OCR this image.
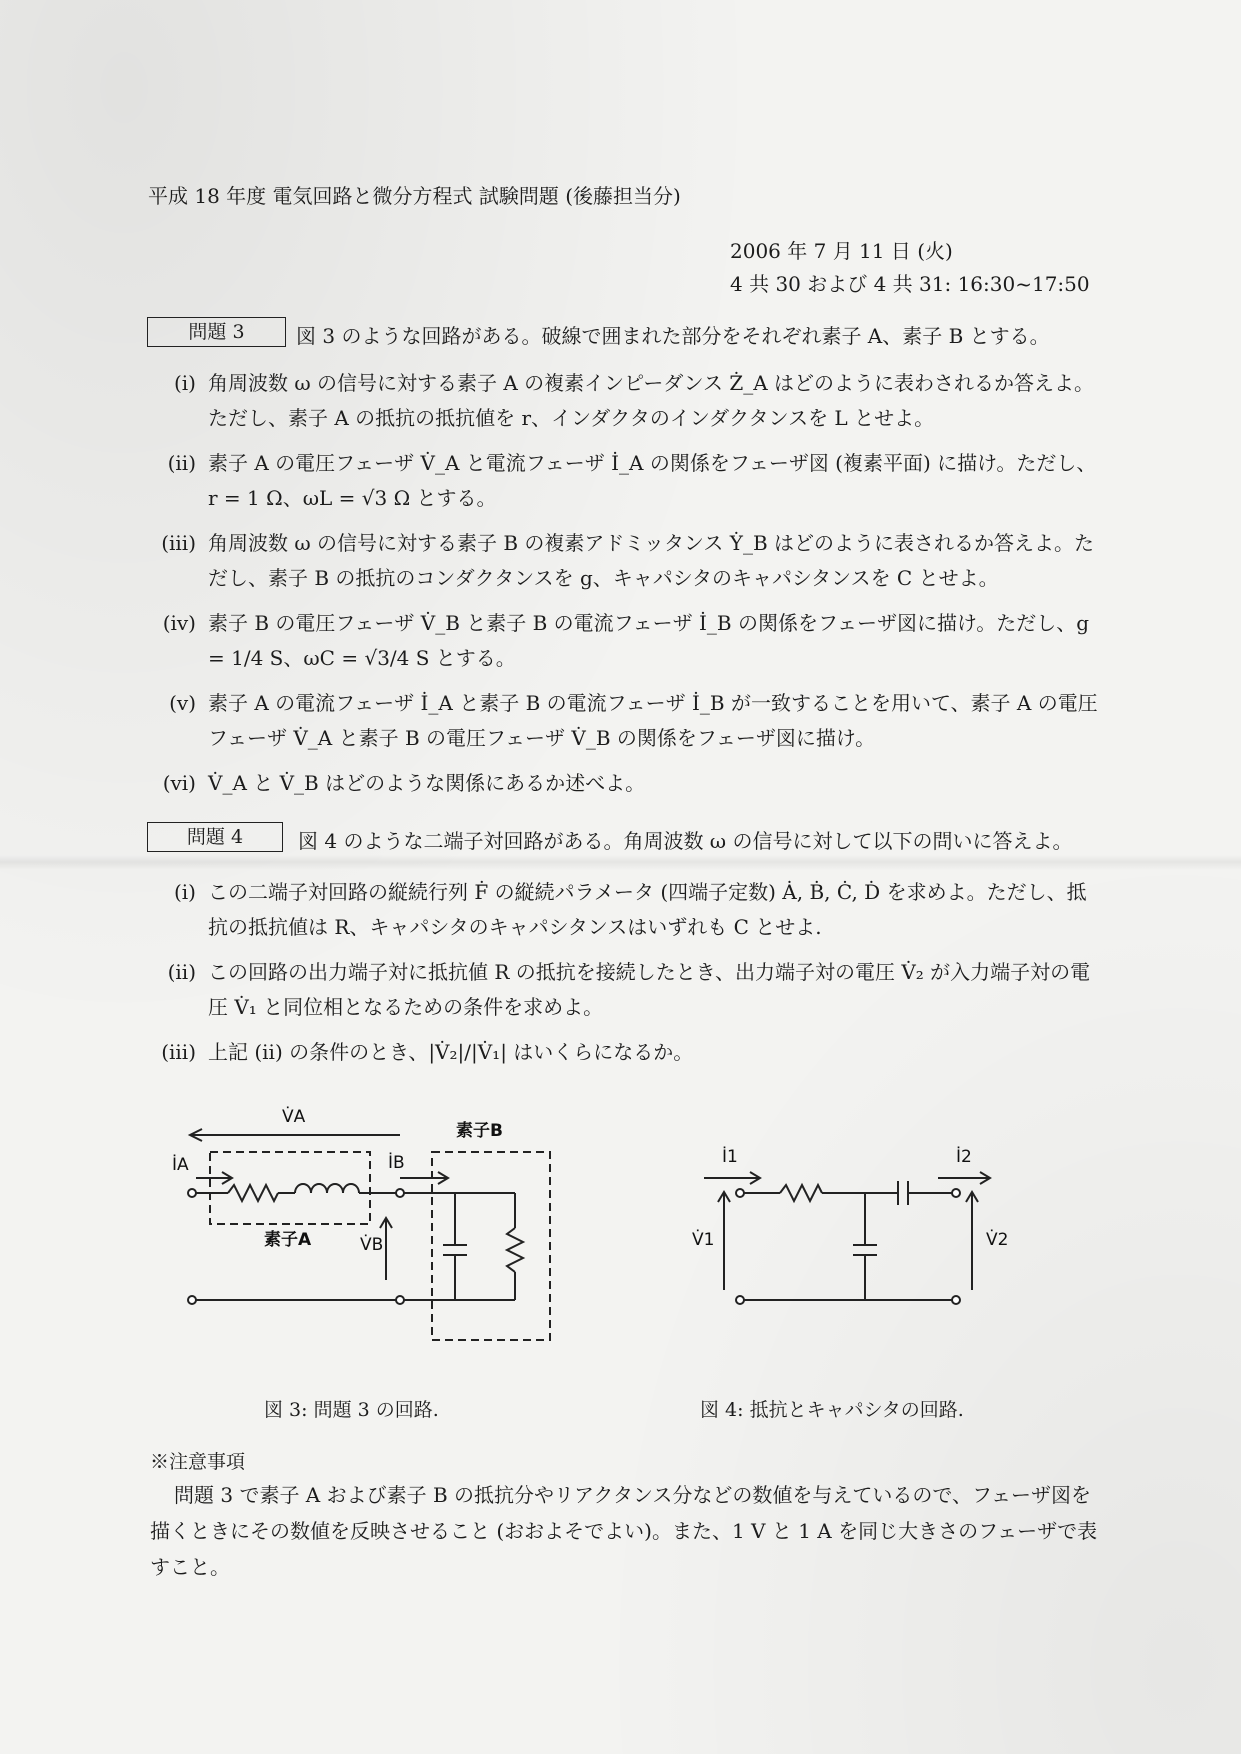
平成 18 年度 電気回路と微分方程式 試験問題 (後藤担当分)
2006 年 7 月 11 日 (火)
4 共 30 および 4 共 31: 16:30~17:50
問題 3	図 3 のような回路がある。破線で囲まれた部分をそれぞれ素子 A、素子 B とする。
(i) 角周波数 ω の信号に対する素子 A の複素インピーダンス Ż_A はどのように表わされるか答えよ。ただし、素子 A の抵抗の抵抗値を r、インダクタのインダクタンスを L とせよ。
(ii) 素子 A の電圧フェーザ V̇_A と電流フェーザ İ_A の関係をフェーザ図 (複素平面) に描け。ただし、r = 1 Ω、ωL = √3 Ω とする。
(iii) 角周波数 ω の信号に対する素子 B の複素アドミッタンス Ẏ_B はどのように表されるか答えよ。ただし、素子 B の抵抗のコンダクタンスを g、キャパシタのキャパシタンスを C とせよ。
(iv) 素子 B の電圧フェーザ V̇_B と素子 B の電流フェーザ İ_B の関係をフェーザ図に描け。ただし、g = 1/4 S、ωC = √3/4 S とする。
(v) 素子 A の電流フェーザ İ_A と素子 B の電流フェーザ İ_B が一致することを用いて、素子 A の電圧フェーザ V̇_A と素子 B の電圧フェーザ V̇_B の関係をフェーザ図に描け。
(vi) V̇_A と V̇_B はどのような関係にあるか述べよ。
問題 4	図 4 のような二端子対回路がある。角周波数 ω の信号に対して以下の問いに答えよ。
(i) この二端子対回路の縦続行列 Ḟ の縦続パラメータ (四端子定数) Ȧ, Ḃ, Ċ, Ḋ を求めよ。ただし、抵抗の抵抗値は R、キャパシタのキャパシタンスはいずれも C とせよ.
(ii) この回路の出力端子対に抵抗値 R の抵抗を接続したとき、出力端子対の電圧 V̇₂ が入力端子対の電圧 V̇₁ と同位相となるための条件を求めよ。
(iii) 上記 (ii) の条件のとき、|V̇₂|/|V̇₁| はいくらになるか。
V̇A
İA	İB
V̇B
素子A
素子B
図 3: 問題 3 の回路.
İ1	İ2
V̇1	V̇2
図 4: 抵抗とキャパシタの回路.
※注意事項
問題 3 で素子 A および素子 B の抵抗分やリアクタンス分などの数値を与えているので、フェーザ図を描くときにその数値を反映させること (おおよそでよい)。また、1 V と 1 A を同じ大きさのフェーザで表すこと。
